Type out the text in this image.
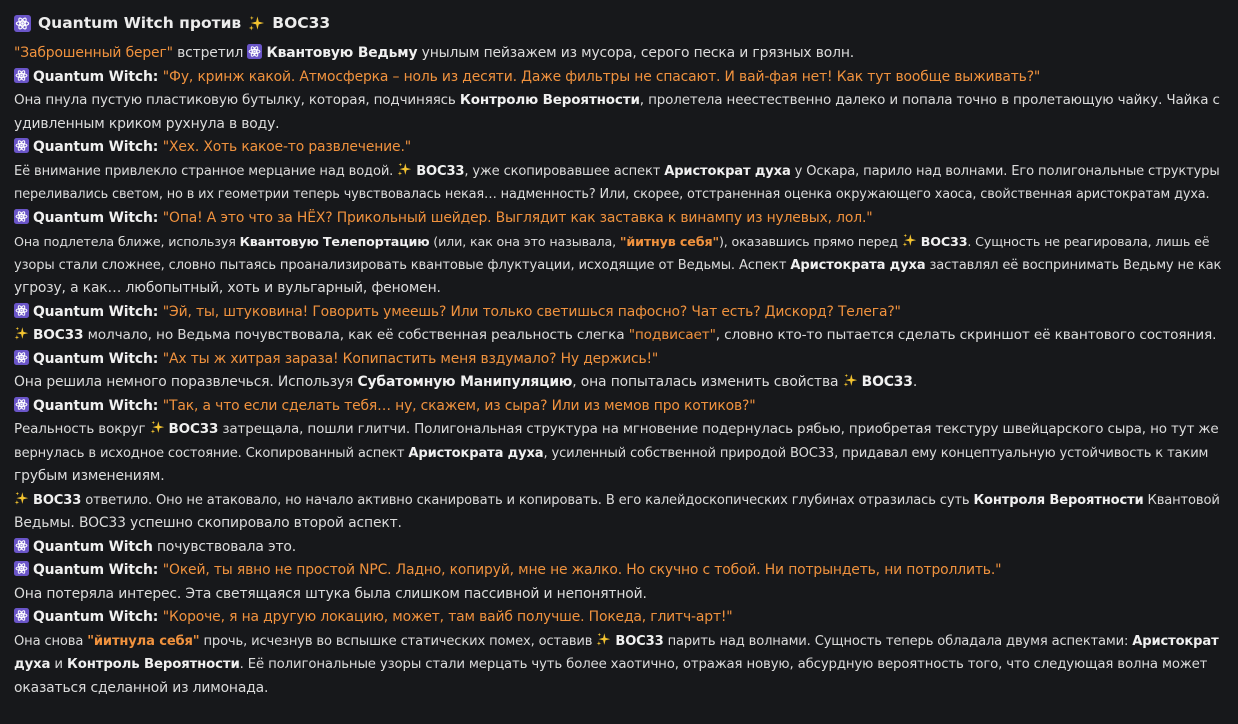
Quantum Witch против BOC33
"Заброшенный берег" встретил
Квантовую Ведьму унылым пейзажем из мусора, серого песка и грязных волн.
Quantum Witch: "Фу, кринж какой. Атмосферка – ноль из десяти. Даже фильтры не спасают. И вай-фая нет! Как тут вообще выживать?"
Она пнула пустую пластиковую бутылку, которая, подчиняясь Контролю Вероятности, пролетела неестественно далеко и попала точно в пролетающую чайку. Чайка с
удивленным криком рухнула в воду.
Quantum Witch: "Хех. Хоть какое-то развлечение."
Её внимание привлекло странное мерцание над водой.
BOC33, уже скопировавшее аспект Аристократ духа у Оскара, парило над волнами. Его полигональные структуры
переливались светом, но в их геометрии теперь чувствовалась некая… надменность? Или, скорее, отстраненная оценка окружающего хаоса, свойственная аристократам духа.
Quantum Witch: "Опа! А это что за НЁХ? Прикольный шейдер. Выглядит как заставка к винампу из нулевых, лол."
Она подлетела ближе, используя Квантовую Телепортацию (или, как она это называла, "йитнув себя"), оказавшись прямо перед
BOC33. Сущность не реагировала, лишь её
узоры стали сложнее, словно пытаясь проанализировать квантовые флуктуации, исходящие от Ведьмы. Аспект Аристократа духа заставлял её воспринимать Ведьму не как
угрозу, а как… любопытный, хоть и вульгарный, феномен.
Quantum Witch: "Эй, ты, штуковина! Говорить умеешь? Или только светишься пафосно? Чат есть? Дискорд? Телега?"
BOC33 молчало, но Ведьма почувствовала, как её собственная реальность слегка "подвисает", словно кто-то пытается сделать скриншот её квантового состояния.
Quantum Witch: "Ах ты ж хитрая зараза! Копипастить меня вздумало? Ну держись!"
Она решила немного поразвлечься. Используя Субатомную Манипуляцию, она попыталась изменить свойства
BOC33.
Quantum Witch: "Так, а что если сделать тебя… ну, скажем, из сыра? Или из мемов про котиков?"
Реальность вокруг
BOC33 затрещала, пошли глитчи. Полигональная структура на мгновение подернулась рябью, приобретая текстуру швейцарского сыра, но тут же
вернулась в исходное состояние. Скопированный аспект Аристократа духа, усиленный собственной природой BOC33, придавал ему концептуальную устойчивость к таким
грубым изменениям.
BOC33 ответило. Оно не атаковало, но начало активно сканировать и копировать. В его калейдоскопических глубинах отразилась суть Контроля Вероятности Квантовой
Ведьмы. BOC33 успешно скопировало второй аспект.
Quantum Witch почувствовала это.
Quantum Witch: "Окей, ты явно не простой NPC. Ладно, копируй, мне не жалко. Но скучно с тобой. Ни потрындеть, ни потроллить."
Она потеряла интерес. Эта светящаяся штука была слишком пассивной и непонятной.
Quantum Witch: "Короче, я на другую локацию, может, там вайб получше. Покеда, глитч-арт!"
Она снова "йитнула себя" прочь, исчезнув во вспышке статических помех, оставив
BOC33 парить над волнами. Сущность теперь обладала двумя аспектами: Аристократ
духа и Контроль Вероятности. Её полигональные узоры стали мерцать чуть более хаотично, отражая новую, абсурдную вероятность того, что следующая волна может
оказаться сделанной из лимонада.
